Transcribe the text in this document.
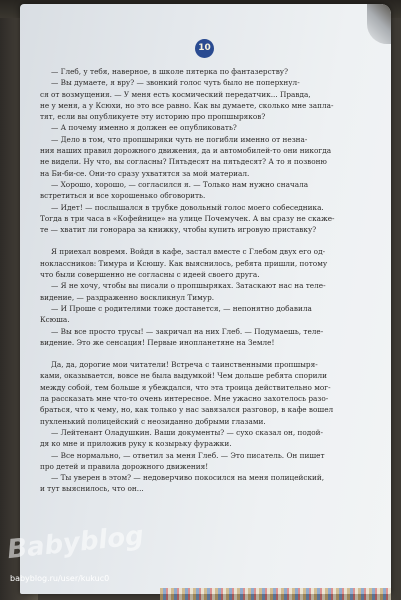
10

— Глеб, у тебя, наверное, в школе пятерка по фантазерству?

— Вы думаете, я вру? — звонкий голос чуть было не поперхнул-

ся от возмущения. — У меня есть космический передатчик... Правда,

не у меня, а у Ксюхи, но это все равно. Как вы думаете, сколько мне запла-

тят, если вы опубликуете эту историю про пропшыряков?

— А почему именно я должен ее опубликовать?

— Дело в том, что пропшыряки чуть не погибли именно от незна-

ния наших правил дорожного движения, да и автомобилей-то они никогда

не видели. Ну что, вы согласны? Пятьдесят на пятьдесят? А то я позвоню

на Би-би-се. Они-то сразу ухватятся за мой материал.

— Хорошо, хорошо, — согласился я. — Только нам нужно сначала

встретиться и все хорошенько обговорить.

— Идет! — послышался в трубке довольный голос моего собеседника.

Тогда в три часа в «Кофейнице» на улице Почемучек. А вы сразу не скаже-

те — хватит ли гонорара за книжку, чтобы купить игровую приставку?

Я приехал вовремя. Войдя в кафе, застал вместе с Глебом двух его од-

ноклассников: Тимура и Ксюшу. Как выяснилось, ребята пришли, потому

что были совершенно не согласны с идеей своего друга.

— Я не хочу, чтобы вы писали о пропшыряках. Затаскают нас на теле-

видение, — раздраженно воскликнул Тимур.

— И Проше с родителями тоже достанется, — непонятно добавила

Ксюша.

— Вы все просто трусы! — закричал на них Глеб. — Подумаешь, теле-

видение. Это же сенсация! Первые инопланетяне на Земле!

Да, да, дорогие мои читатели! Встреча с таинственными пропшыря-

ками, оказывается, вовсе не была выдумкой! Чем дольше ребята спорили

между собой, тем больше я убеждался, что эта троица действительно мог-

ла рассказать мне что-то очень интересное. Мне ужасно захотелось разо-

браться, что к чему, но, как только у нас завязался разговор, в кафе вошел

пухленький полицейский с неозиданно добрыми глазами.

— Лейтенант Оладушкин. Ваши документы? — сухо сказал он, подой-

дя ко мне и приложив руку к козырьку фуражки.

— Все нормально, — ответил за меня Глеб. — Это писатель. Он пишет

про детей и правила дорожного движения!

— Ты уверен в этом? — недоверчиво покосился на меня полицейский,

и тут выяснилось, что он...

Babyblog
babyblog.ru/user/kukuc0
